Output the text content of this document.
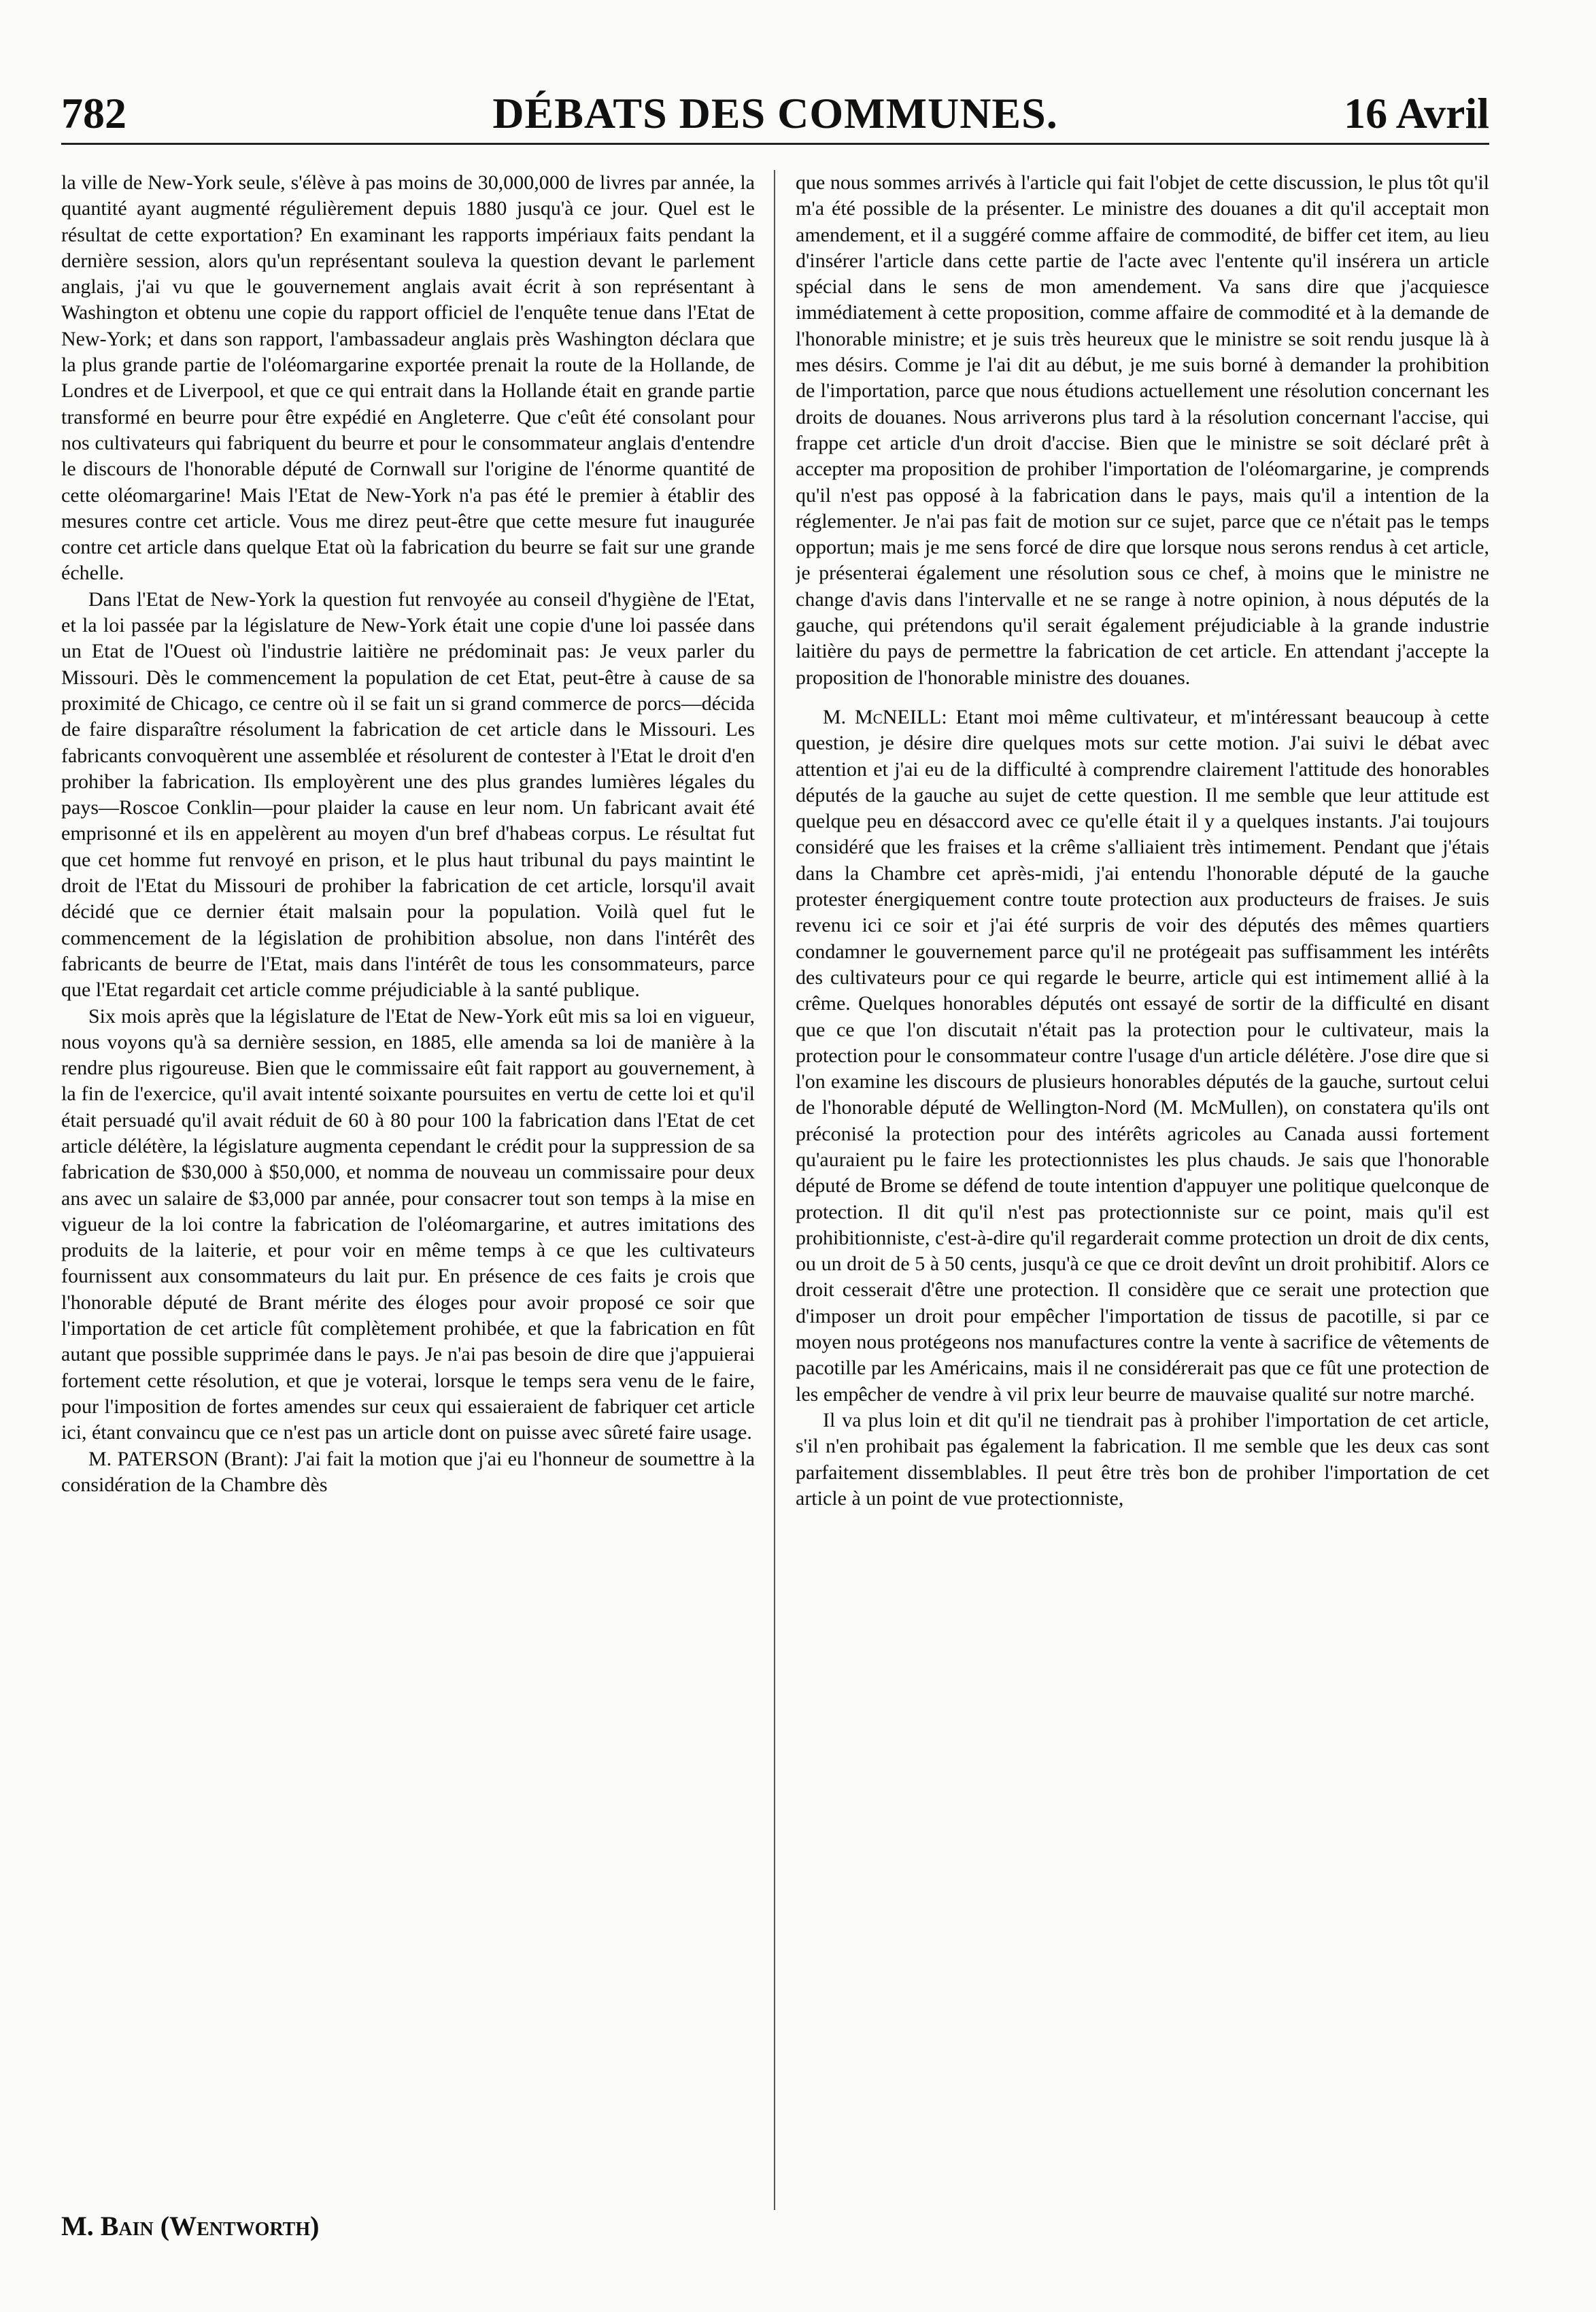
782	DÉBATS DES COMMUNES.	16 Avril

la ville de New-York seule, s'élève à pas moins de 30,000,000 de livres par année, la quantité ayant augmenté régulièrement depuis 1880 jusqu'à ce jour. Quel est le résultat de cette exportation? En examinant les rapports impériaux faits pendant la dernière session, alors qu'un représentant souleva la question devant le parlement anglais, j'ai vu que le gouvernement anglais avait écrit à son représentant à Washington et obtenu une copie du rapport officiel de l'enquête tenue dans l'Etat de New-York; et dans son rapport, l'ambassadeur anglais près Washington déclara que la plus grande partie de l'oléomargarine exportée prenait la route de la Hollande, de Londres et de Liverpool, et que ce qui entrait dans la Hollande était en grande partie transformé en beurre pour être expédié en Angleterre. Que c'eût été consolant pour nos cultivateurs qui fabriquent du beurre et pour le consommateur anglais d'entendre le discours de l'honorable député de Cornwall sur l'origine de l'énorme quantité de cette oléomargarine! Mais l'Etat de New-York n'a pas été le premier à établir des mesures contre cet article. Vous me direz peut-être que cette mesure fut inaugurée contre cet article dans quelque Etat où la fabrication du beurre se fait sur une grande échelle.

Dans l'Etat de New-York la question fut renvoyée au conseil d'hygiène de l'Etat, et la loi passée par la législature de New-York était une copie d'une loi passée dans un Etat de l'Ouest où l'industrie laitière ne prédominait pas: Je veux parler du Missouri. Dès le commencement la population de cet Etat, peut-être à cause de sa proximité de Chicago, ce centre où il se fait un si grand commerce de porcs—décida de faire disparaître résolument la fabrication de cet article dans le Missouri. Les fabricants convoquèrent une assemblée et résolurent de contester à l'Etat le droit d'en prohiber la fabrication. Ils employèrent une des plus grandes lumières légales du pays—Roscoe Conklin—pour plaider la cause en leur nom. Un fabricant avait été emprisonné et ils en appelèrent au moyen d'un bref d'habeas corpus. Le résultat fut que cet homme fut renvoyé en prison, et le plus haut tribunal du pays maintint le droit de l'Etat du Missouri de prohiber la fabrication de cet article, lorsqu'il avait décidé que ce dernier était malsain pour la population. Voilà quel fut le commencement de la législation de prohibition absolue, non dans l'intérêt des fabricants de beurre de l'Etat, mais dans l'intérêt de tous les consommateurs, parce que l'Etat regardait cet article comme préjudiciable à la santé publique.

Six mois après que la législature de l'Etat de New-York eût mis sa loi en vigueur, nous voyons qu'à sa dernière session, en 1885, elle amenda sa loi de manière à la rendre plus rigoureuse. Bien que le commissaire eût fait rapport au gouvernement, à la fin de l'exercice, qu'il avait intenté soixante poursuites en vertu de cette loi et qu'il était persuadé qu'il avait réduit de 60 à 80 pour 100 la fabrication dans l'Etat de cet article délétère, la législature augmenta cependant le crédit pour la suppression de sa fabrication de $30,000 à $50,000, et nomma de nouveau un commissaire pour deux ans avec un salaire de $3,000 par année, pour consacrer tout son temps à la mise en vigueur de la loi contre la fabrication de l'oléomargarine, et autres imitations des produits de la laiterie, et pour voir en même temps à ce que les cultivateurs fournissent aux consommateurs du lait pur. En présence de ces faits je crois que l'honorable député de Brant mérite des éloges pour avoir proposé ce soir que l'importation de cet article fût complètement prohibée, et que la fabrication en fût autant que possible supprimée dans le pays. Je n'ai pas besoin de dire que j'appuierai fortement cette résolution, et que je voterai, lorsque le temps sera venu de le faire, pour l'imposition de fortes amendes sur ceux qui essaieraient de fabriquer cet article ici, étant convaincu que ce n'est pas un article dont on puisse avec sûreté faire usage.

M. PATERSON (Brant): J'ai fait la motion que j'ai eu l'honneur de soumettre à la considération de la Chambre dès

que nous sommes arrivés à l'article qui fait l'objet de cette discussion, le plus tôt qu'il m'a été possible de la présenter. Le ministre des douanes a dit qu'il acceptait mon amendement, et il a suggéré comme affaire de commodité, de biffer cet item, au lieu d'insérer l'article dans cette partie de l'acte avec l'entente qu'il insérera un article spécial dans le sens de mon amendement. Va sans dire que j'acquiesce immédiatement à cette proposition, comme affaire de commodité et à la demande de l'honorable ministre; et je suis très heureux que le ministre se soit rendu jusque là à mes désirs. Comme je l'ai dit au début, je me suis borné à demander la prohibition de l'importation, parce que nous étudions actuellement une résolution concernant les droits de douanes. Nous arriverons plus tard à la résolution concernant l'accise, qui frappe cet article d'un droit d'accise. Bien que le ministre se soit déclaré prêt à accepter ma proposition de prohiber l'importation de l'oléomargarine, je comprends qu'il n'est pas opposé à la fabrication dans le pays, mais qu'il a intention de la réglementer. Je n'ai pas fait de motion sur ce sujet, parce que ce n'était pas le temps opportun; mais je me sens forcé de dire que lorsque nous serons rendus à cet article, je présenterai également une résolution sous ce chef, à moins que le ministre ne change d'avis dans l'intervalle et ne se range à notre opinion, à nous députés de la gauche, qui prétendons qu'il serait également préjudiciable à la grande industrie laitière du pays de permettre la fabrication de cet article. En attendant j'accepte la proposition de l'honorable ministre des douanes.

M. McNEILL: Etant moi même cultivateur, et m'intéressant beaucoup à cette question, je désire dire quelques mots sur cette motion. J'ai suivi le débat avec attention et j'ai eu de la difficulté à comprendre clairement l'attitude des honorables députés de la gauche au sujet de cette question. Il me semble que leur attitude est quelque peu en désaccord avec ce qu'elle était il y a quelques instants. J'ai toujours considéré que les fraises et la crême s'alliaient très intimement. Pendant que j'étais dans la Chambre cet après-midi, j'ai entendu l'honorable député de la gauche protester énergiquement contre toute protection aux producteurs de fraises. Je suis revenu ici ce soir et j'ai été surpris de voir des députés des mêmes quartiers condamner le gouvernement parce qu'il ne protégeait pas suffisamment les intérêts des cultivateurs pour ce qui regarde le beurre, article qui est intimement allié à la crême. Quelques honorables députés ont essayé de sortir de la difficulté en disant que ce que l'on discutait n'était pas la protection pour le cultivateur, mais la protection pour le consommateur contre l'usage d'un article délétère. J'ose dire que si l'on examine les discours de plusieurs honorables députés de la gauche, surtout celui de l'honorable député de Wellington-Nord (M. McMullen), on constatera qu'ils ont préconisé la protection pour des intérêts agricoles au Canada aussi fortement qu'auraient pu le faire les protectionnistes les plus chauds. Je sais que l'honorable député de Brome se défend de toute intention d'appuyer une politique quelconque de protection. Il dit qu'il n'est pas protectionniste sur ce point, mais qu'il est prohibitionniste, c'est-à-dire qu'il regarderait comme protection un droit de dix cents, ou un droit de 5 à 50 cents, jusqu'à ce que ce droit devînt un droit prohibitif. Alors ce droit cesserait d'être une protection. Il considère que ce serait une protection que d'imposer un droit pour empêcher l'importation de tissus de pacotille, si par ce moyen nous protégeons nos manufactures contre la vente à sacrifice de vêtements de pacotille par les Américains, mais il ne considérerait pas que ce fût une protection de les empêcher de vendre à vil prix leur beurre de mauvaise qualité sur notre marché.

Il va plus loin et dit qu'il ne tiendrait pas à prohiber l'importation de cet article, s'il n'en prohibait pas également la fabrication. Il me semble que les deux cas sont parfaitement dissemblables. Il peut être très bon de prohiber l'importation de cet article à un point de vue protectionniste,

M. Bain (Wentworth)
